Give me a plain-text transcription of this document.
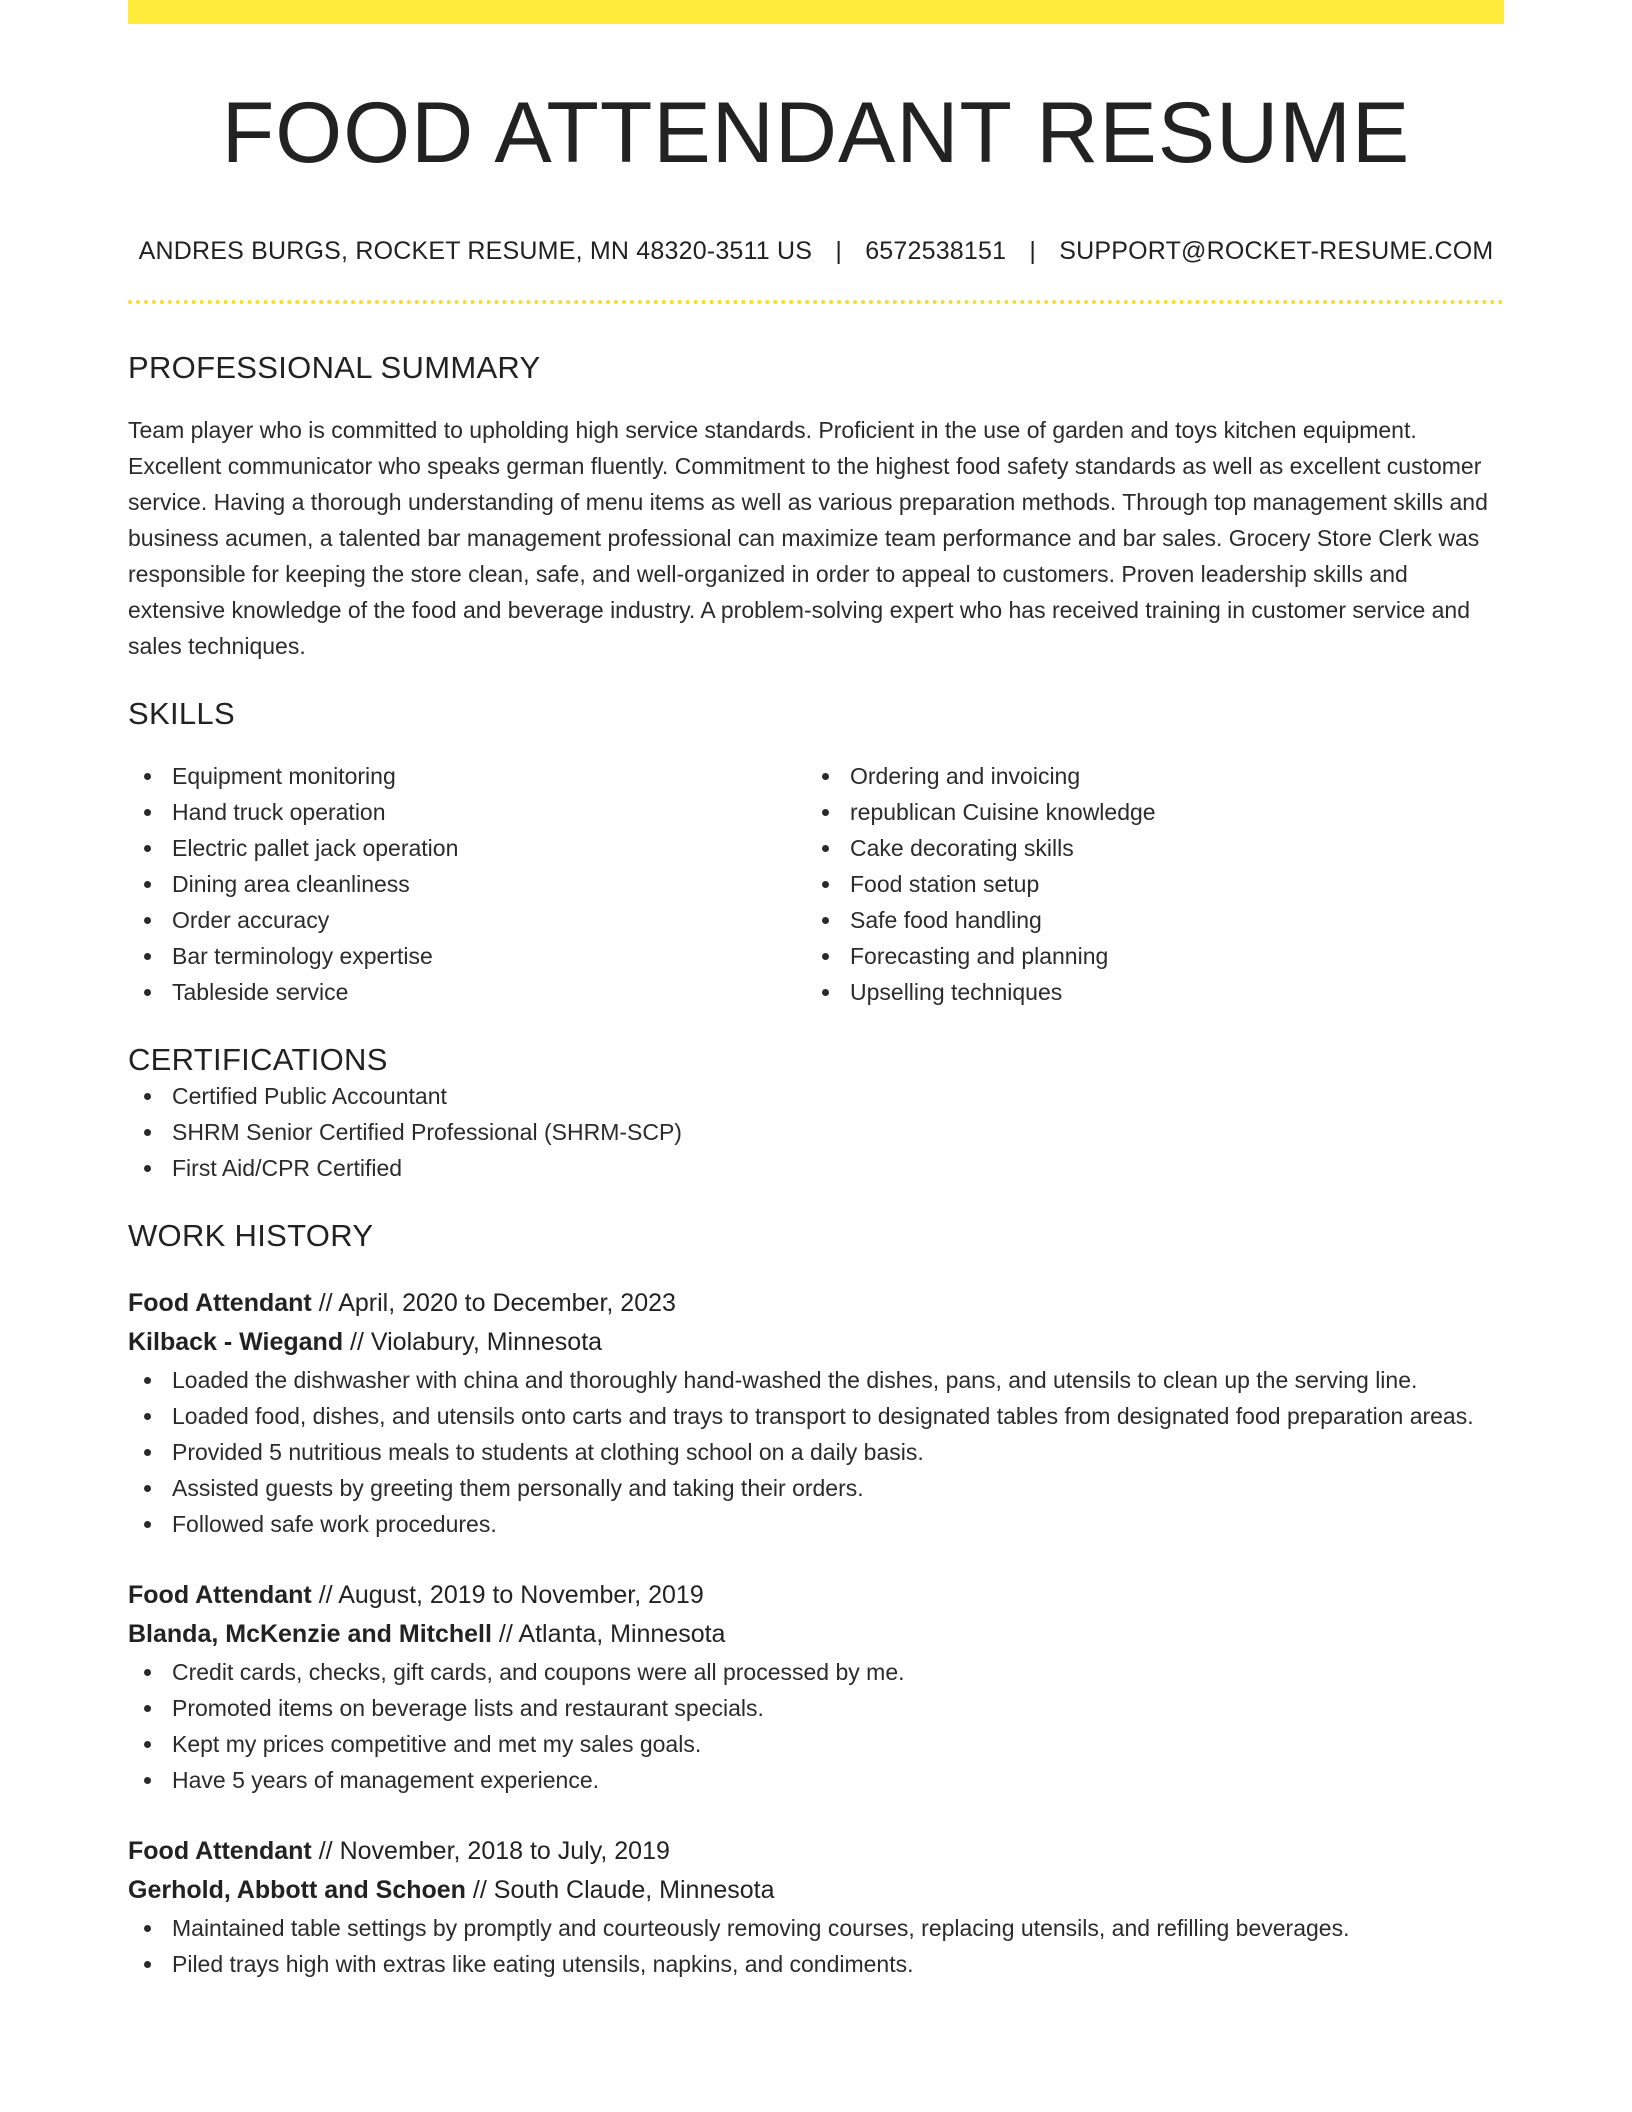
FOOD ATTENDANT RESUME
ANDRES BURGS, ROCKET RESUME, MN 48320-3511 US | 6572538151 | SUPPORT@ROCKET-RESUME.COM
PROFESSIONAL SUMMARY

Team player who is committed to upholding high service standards. Proficient in the use of garden and toys kitchen equipment. Excellent communicator who speaks german fluently. Commitment to the highest food safety standards as well as excellent customer service. Having a thorough understanding of menu items as well as various preparation methods. Through top management skills and business acumen, a talented bar management professional can maximize team performance and bar sales. Grocery Store Clerk was responsible for keeping the store clean, safe, and well-organized in order to appeal to customers. Proven leadership skills and extensive knowledge of the food and beverage industry. A problem-solving expert who has received training in customer service and sales techniques.

SKILLS
Equipment monitoring
Hand truck operation
Electric pallet jack operation
Dining area cleanliness
Order accuracy
Bar terminology expertise
Tableside service
Ordering and invoicing
republican Cuisine knowledge
Cake decorating skills
Food station setup
Safe food handling
Forecasting and planning
Upselling techniques
CERTIFICATIONS
Certified Public Accountant
SHRM Senior Certified Professional (SHRM-SCP)
First Aid/CPR Certified
WORK HISTORY
Food Attendant // April, 2020 to December, 2023
Kilback - Wiegand // Violabury, Minnesota
Loaded the dishwasher with china and thoroughly hand-washed the dishes, pans, and utensils to clean up the serving line.
Loaded food, dishes, and utensils onto carts and trays to transport to designated tables from designated food preparation areas.
Provided 5 nutritious meals to students at clothing school on a daily basis.
Assisted guests by greeting them personally and taking their orders.
Followed safe work procedures.
Food Attendant // August, 2019 to November, 2019
Blanda, McKenzie and Mitchell // Atlanta, Minnesota
Credit cards, checks, gift cards, and coupons were all processed by me.
Promoted items on beverage lists and restaurant specials.
Kept my prices competitive and met my sales goals.
Have 5 years of management experience.
Food Attendant // November, 2018 to July, 2019
Gerhold, Abbott and Schoen // South Claude, Minnesota
Maintained table settings by promptly and courteously removing courses, replacing utensils, and refilling beverages.
Piled trays high with extras like eating utensils, napkins, and condiments.
